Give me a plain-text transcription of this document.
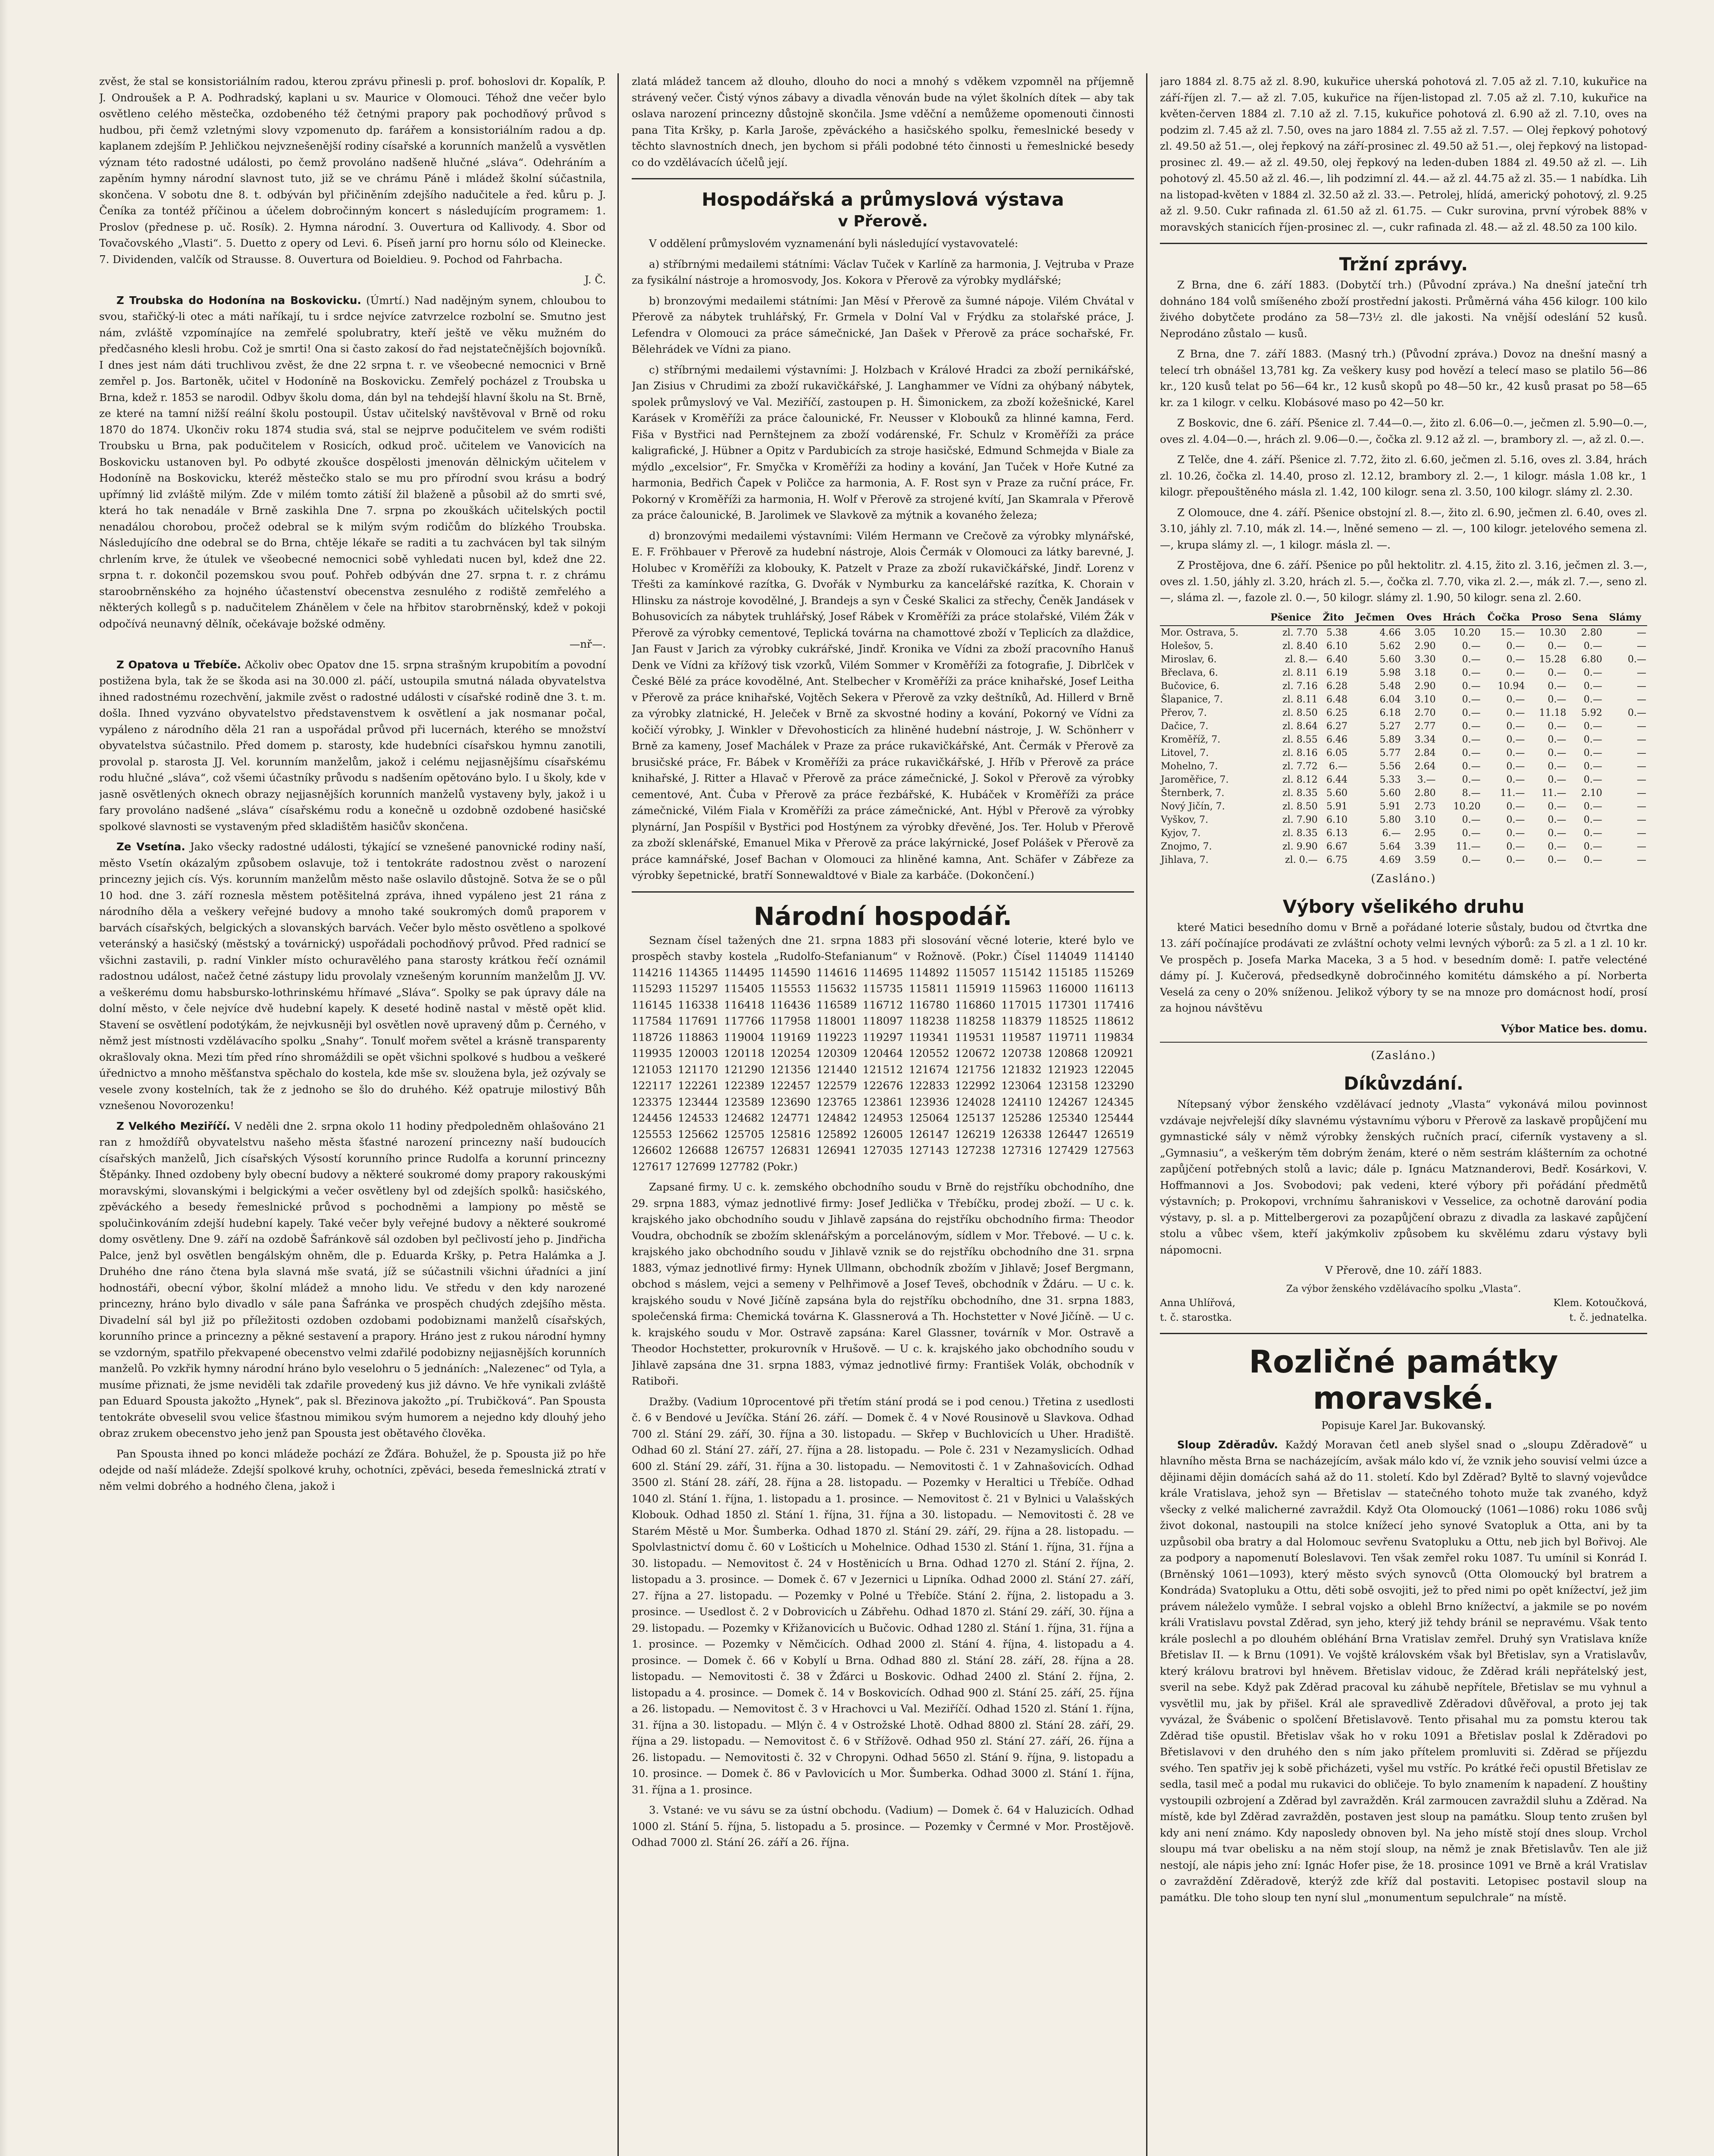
zvěst, že stal se konsistoriálním radou, kterou zprávu přinesli p. prof. bohoslovi dr. Kopalík, P. J. Ondroušek a P. A. Podhradský, kaplani u sv. Maurice v Olomouci. Téhož dne večer bylo osvětleno celého městečka, ozdobeného též četnými prapory pak pochodňový průvod s hudbou, při čemž vzletnými slovy vzpomenuto dp. farářem a konsistoriálním radou a dp. kaplanem zdejším P. Jehličkou nejvznešenější rodiny císařské a korunních manželů a vysvětlen význam této radostné události, po čemž provoláno nadšeně hlučné „sláva“. Odehráním a zapěním hymny národní slavnost tuto, již se ve chrámu Páně i mládež školní súčastnila, skončena. V sobotu dne 8. t. odbýván byl přičiněním zdejšího nadučitele a řed. kůru p. J. Čeníka za tontéž příčinou a účelem dobročinným koncert s následujícím programem: 1. Proslov (přednese p. uč. Rosík). 2. Hymna národní. 3. Ouvertura od Kallivody. 4. Sbor od Tovačovského „Vlasti“. 5. Duetto z opery od Levi. 6. Píseň jarní pro hornu sólo od Kleinecke. 7. Dividenden, valčík od Strausse. 8. Ouvertura od Boieldieu. 9. Pochod od Fahrbacha.

J. Č.

Z Troubska do Hodonína na Boskovicku. (Úmrtí.) Nad nadějným synem, chloubou to svou, stařičký-li otec a máti naříkají, tu i srdce nejvíce zatvrzelce rozbolní se. Smutno jest nám, zvláště vzpomínajíce na zemřelé spolubratry, kteří ještě ve věku mužném do předčasného klesli hrobu. Což je smrti! Ona si často zakosí do řad nejstatečnějších bojovníků. I dnes jest nám dáti truchlivou zvěst, že dne 22 srpna t. r. ve všeobecné nemocnici v Brně zemřel p. Jos. Bartoněk, učitel v Hodoníně na Boskovicku. Zemřelý pocházel z Troubska u Brna, kdež r. 1853 se narodil. Odbyv školu doma, dán byl na tehdejší hlavní školu na St. Brně, ze které na tamní nižší reální školu postoupil. Ústav učitelský navštěvoval v Brně od roku 1870 do 1874. Ukončiv roku 1874 studia svá, stal se nejprve podučitelem ve svém rodišti Troubsku u Brna, pak podučitelem v Rosicích, odkud proč. učitelem ve Vanovicích na Boskovicku ustanoven byl. Po odbyté zkoušce dospělosti jmenován dělnickým učitelem v Hodoníně na Boskovicku, kteréž městečko stalo se mu pro přírodní svou krásu a bodrý upřímný lid zvláště milým. Zde v milém tomto zátiší žil blaženě a působil až do smrti své, která ho tak nenadále v Brně zaskihla Dne 7. srpna po zkouškách učitelských poctil nenadálou chorobou, pročež odebral se k milým svým rodičům do blízkého Troubska. Následujícího dne odebral se do Brna, chtěje lékaře se raditi a tu zachvácen byl tak silným chrlením krve, že útulek ve všeobecné nemocnici sobě vyhledati nucen byl, kdež dne 22. srpna t. r. dokončil pozemskou svou pouť. Pohřeb odbýván dne 27. srpna t. r. z chrámu staroobrněnského za hojného účastenství obecenstva zesnulého z rodiště zemřelého a některých kollegů s p. nadučitelem Zhánělem v čele na hřbitov starobrněnský, kdež v pokoji odpočívá neunavný dělník, očekávaje božské odměny.

—nř—.

Z Opatova u Třebíče. Ačkoliv obec Opatov dne 15. srpna strašným krupobitím a povodní postižena byla, tak že se škoda asi na 30.000 zl. páčí, ustoupila smutná nálada obyvatelstva ihned radostnému rozechvění, jakmile zvěst o radostné události v císařské rodině dne 3. t. m. došla. Ihned vyzváno obyvatelstvo představenstvem k osvětlení a jak nosmanar počal, vypáleno z národního děla 21 ran a uspořádal průvod při lucernách, kterého se množství obyvatelstva súčastnilo. Před domem p. starosty, kde hudebníci císařskou hymnu zanotili, provolal p. starosta JJ. Vel. korunním manželům, jakož i celému nejjasnějšímu císařskému rodu hlučné „sláva“, což všemi účastníky průvodu s nadšením opětováno bylo. I u školy, kde v jasně osvětlených oknech obrazy nejjasnějších korunních manželů vystaveny byly, jakož i u fary provoláno nadšené „sláva“ císařskému rodu a konečně u ozdobně ozdobené hasičské spolkové slavnosti se vystaveným před skladištěm hasičův skončena.

Ze Vsetína. Jako všecky radostné události, týkající se vznešené panovnické rodiny naší, město Vsetín okázalým způsobem oslavuje, tož i tentokráte radostnou zvěst o narození princezny jejich cís. Výs. korunním manželům město naše oslavilo důstojně. Sotva že se o půl 10 hod. dne 3. září rozneslа městem potěšitelná zpráva, ihned vypáleno jest 21 rána z národního děla a veškery veřejné budovy a mnoho také soukromých domů praporem v barvách císařských, belgických a slovanských barvách. Večer bylo město osvětleno a spolkové veteránský a hasičský (městský a továrnický) uspořádali pochodňový průvod. Před radnicí se všichni zastavili, p. radní Vinkler místo ochuravělého pana starosty krátkou řečí oznámil radostnou událost, načež četné zástupy lidu provolaly vznešeným korunním manželům JJ. VV. a veškerému domu habsbursko-lothrinskému hřímavé „Sláva“. Spolky se pak úpravy dále na dolní město, v čele nejvíce dvě hudební kapely. K deseté hodině nastal v městě opět klid. Stavení se osvětlení podotýkám, že nejvkusněji byl osvětlen nově upravený dům p. Černého, v němž jest místnosti vzdělávacího spolku „Snahy“. Tonulť mořem světel a krásně transparenty okrašlovaly okna. Mezi tím před rínо shromáždili se opět všichni spolkové s hudbou a veškeré úřednictvo a mnoho měšťanstva spěchalo do kostela, kde mše sv. sloužena byla, jež ozývaly se vesele zvony kostelních, tak že z jednoho se šlo do druhého. Kéž opatruje milostivý Bůh vznešenou Novorozenku!

Z Velkého Meziříčí. V neděli dne 2. srpna okolo 11 hodiny předpoledněm ohlašováno 21 ran z hmoždířů obyvatelstvu našeho města šťastné narození princezny naší budoucích císařských manželů, Jich císařských Výsostí korunního prince Rudolfa a korunní princezny Štěpánky. Ihned ozdobeny byly obecní budovy a některé soukromé domy prapory rakouskými moravskými, slovanskými i belgickými a večer osvětleny byl od zdejších spolků: hasičského, zpěváckého a besedy řemeslnické průvod s pochodněmi a lampiony po městě se spolučinkováním zdejší hudební kapely. Také večer byly veřejné budovy a některé soukromé domy osvětleny. Dne 9. září na ozdobě Šafránkově sál ozdoben byl pečlivostí jeho p. Jindřicha Palce, jenž byl osvětlen bengálským ohněm, dle p. Eduarda Kršky, p. Petra Halámka a J. Druhého dne ráno čtena byla slavná mše svatá, jíž se súčastnili všichni úřadníci a jiní hodnostáři, obecní výbor, školní mládež a mnoho lidu. Ve středu v den kdy narozené princezny, hráno bylo divadlo v sále pana Šafránka ve prospěch chudých zdejšího města. Divadelní sál byl již po příležitosti ozdoben ozdobami podobiznami manželů císařských, korunního prince a princezny a pěkné sestavení a prapory. Hráno jest z rukou národní hymny se vzdorným, spatřilo překvapené obecenstvo velmi zdařilé podobizny nejjasnějších korunních manželů. Po vzkřik hymny národní hráno bylo veselohru o 5 jednáních: „Nalezenec“ od Tyla, a musíme přiznati, že jsme neviděli tak zdařile provedený kus již dávno. Ve hře vynikali zvláště pan Eduard Spousta jakožto „Hynek“, pak sl. Březinova jakožto „pí. Trubičková“. Pan Spousta tentokráte obveselil svou velice šťastnou mimikou svým humorem a nejedno kdy dlouhý jeho obraz zrukem obecenstvo jeho jenž pan Spousta jest obětavého člověka.

Pan Spousta ihned po konci mládeže pochází ze Žďára. Bohužel, že p. Spousta již po hře odejde od naší mládeže. Zdejší spolkové kruhy, ochotníci, zpěváci, beseda řemeslnická ztratí v něm velmi dobrého a hodného člena, jakož i

zlatá mládež tancem až dlouho, dlouho do noci a mnohý s vděkem vzpomněl na příjemně strávený večer. Čistý výnos zábavy a divadla věnován bude na výlet školních dítek — aby tak oslava narození princezny důstojně skončila. Jsme vděční a nemůžeme opomenouti činnosti pana Tita Kršky, p. Karla Jaroše, zpěváckého a hasičského spolku, řemeslnické besedy v těchto slavnostních dnech, jen bychom si přáli podobné této činnosti u řemeslnické besedy co do vzdělávacích účelů její.

Hospodářská a průmyslová výstava
v Přerově.

V oddělení průmyslovém vyznamenání byli následující vystavovatelé:

a) stříbrnými medailemi státními: Václav Tuček v Karlíně za harmonia, J. Vejtruba v Praze za fysikální nástroje a hromosvody, Jos. Kokora v Přerově za výrobky mydlářské;

b) bronzovými medailemi státními: Jan Měsí v Přerově za šumné nápoje. Vilém Chvátal v Přerově za nábytek truhlářský, Fr. Grmela v Dolní Val v Frýdku za stolařské práce, J. Lefendra v Olomouci za práce sámečnické, Jan Dašek v Přerově za práce sochařské, Fr. Bělehrádek ve Vídni za piano.

c) stříbrnými medailemi výstavními: J. Holzbach v Králové Hradci za zboží pernikářské, Jan Zisius v Chrudimi za zboží rukavičkářské, J. Langhammer ve Vídni za ohýbaný nábytek, spolek průmyslový ve Val. Meziříčí, zastoupen p. H. Šimonickem, za zboží kožešnické, Karel Karásek v Kroměříži za práce čalounické, Fr. Neusser v Klobouků za hlinné kamna, Ferd. Fiša v Bystřici nad Pernštejnem za zboží vodárenské, Fr. Schulz v Kroměříži za práce kaligrafické, J. Hübner a Opitz v Pardubicích za stroje hasičské, Edmund Schmejda v Biale za mýdlo „excelsior“, Fr. Smyčka v Kroměříži za hodiny a kování, Jan Tuček v Hoře Kutné za harmonia, Bedřich Čapek v Poličce za harmonia, A. F. Rost syn v Praze za ruční práce, Fr. Pokorný v Kroměříži za harmonia, H. Wolf v Přerově za strojené kvítí, Jan Skamrala v Přerově za práce čalounické, B. Jarolimek ve Slavkově za mýtnik a kovaného železa;

d) bronzovými medailemi výstavními: Vilém Hermann ve Crečově za výrobky mlynářské, E. F. Fröhbauer v Přerově za hudební nástroje, Alois Čermák v Olomouci za látky barevné, J. Holubec v Kroměříži za klobouky, K. Patzelt v Praze za zboží rukavičkářské, Jindř. Lorenz v Třešti za kamínkové razítka, G. Dvořák v Nymburku za kancelářské razítka, K. Chorain v Hlinsku za nástroje kovodělné, J. Brandejs a syn v České Skalici za střechy, Čeněk Jandásek v Bohusovicích za nábytek truhlářský, Josef Rábek v Kroměříži za práce stolařské, Vilém Žák v Přerově za výrobky cementové, Teplická továrna na chamottové zboží v Teplicích za dlaždice, Jan Faust v Jarich za výrobky cukrářské, Jindř. Kronika ve Vídni za zboží pracovního Hanuš Denk ve Vídni za křížový tisk vzorků, Vilém Sommer v Kroměříži za fotografie, J. Dibrlček v České Bělé za práce kovodělné, Ant. Stelbecher v Kroměříži za práce knihařské, Josef Leitha v Přerově za práce knihařské, Vojtěch Sekera v Přerově za vzky deštníků, Ad. Hillerd v Brně za výrobky zlatnické, H. Jeleček v Brně za skvostné hodiny a kování, Pokorný ve Vídni za kočičí výrobky, J. Winkler v Dřevohosticích za hliněné hudební nástroje, J. W. Schönherr v Brně za kameny, Josef Machálek v Praze za práce rukavičkářské, Ant. Čermák v Přerově za brusičské práce, Fr. Bábek v Kroměříži za práce rukavičkářské, J. Hříb v Přerově za práce knihařské, J. Ritter a Hlavač v Přerově za práce zámečnické, J. Sokol v Přerově za výrobky cementové, Ant. Čuba v Přerově za práce řezbářské, K. Hubáček v Kroměříži za práce zámečnické, Vilém Fiala v Kroměříži za práce zámečnické, Ant. Hýbl v Přerově za výrobky plynární, Jan Pospíšil v Bystřici pod Hostýnem za výrobky dřevěné, Jos. Ter. Holub v Přerově za zboží sklenářské, Emanuel Mika v Přerově za práce lakýrnické, Josef Polášek v Přerově za práce kamnářské, Josef Bachan v Olomouci za hliněné kamna, Ant. Schäfer v Zábřeze za výrobky šepetnické, bratří Sonnewaldtové v Biale za karbáče. (Dokončení.)

Národní hospodář.

Seznam čísel tažených dne 21. srpna 1883 při slosování věcné loterie, které bylo ve prospěch stavby kostela „Rudolfo-Stefanianum“ v Rožnově. (Pokr.) Čísel 114049 114140 114216 114365 114495 114590 114616 114695 114892 115057 115142 115185 115269 115293 115297 115405 115553 115632 115735 115811 115919 115963 116000 116113 116145 116338 116418 116436 116589 116712 116780 116860 117015 117301 117416 117584 117691 117766 117958 118001 118097 118238 118258 118379 118525 118612 118726 118863 119004 119169 119223 119297 119341 119531 119587 119711 119834 119935 120003 120118 120254 120309 120464 120552 120672 120738 120868 120921 121053 121170 121290 121356 121440 121512 121674 121756 121832 121923 122045 122117 122261 122389 122457 122579 122676 122833 122992 123064 123158 123290 123375 123444 123589 123690 123765 123861 123936 124028 124110 124267 124345 124456 124533 124682 124771 124842 124953 125064 125137 125286 125340 125444 125553 125662 125705 125816 125892 126005 126147 126219 126338 126447 126519 126602 126688 126757 126831 126941 127035 127143 127238 127316 127429 127563 127617 127699 127782 (Pokr.)

Zapsané firmy. U c. k. zemského obchodního soudu v Brně do rejstříku obchodního, dne 29. srpna 1883, výmaz jednotlivé firmy: Josef Jedlička v Třebíčku, prodej zboží. — U c. k. krajského jako obchodního soudu v Jihlavě zapsána do rejstříku obchodního firma: Theodor Voudra, obchodník se zbožím sklenářským a porcelánovým, sídlem v Mor. Třebové. — U c. k. krajského jako obchodního soudu v Jihlavě vznik se do rejstříku obchodního dne 31. srpna 1883, výmaz jednotlivé firmy: Hynek Ullmann, obchodník zbožím v Jihlavě; Josef Bergmann, obchod s máslem, vejci a semeny v Pelhřimově a Josef Teveš, obchodník v Ždáru. — U c. k. krajského soudu v Nové Jičíně zapsána byla do rejstříku obchodního, dne 31. srpna 1883, společenská firma: Chemická továrna K. Glassnerová a Th. Hochstetter v Nové Jičíně. — U c. k. krajského soudu v Mor. Ostravě zapsána: Karel Glassner, továrník v Mor. Ostravě a Theodor Hochstetter, prokurovník v Hrušově. — U c. k. krajského jako obchodního soudu v Jihlavě zapsána dne 31. srpna 1883, výmaz jednotlivé firmy: František Volák, obchodník v Ratiboři.

Dražby. (Vadium 10procentové při třetím stání prodá se i pod cenou.) Třetina z usedlosti č. 6 v Bendové u Jevíčka. Stání 26. září. — Domek č. 4 v Nové Rousinově u Slavkova. Odhad 700 zl. Stání 29. září, 30. října a 30. listopadu. — Skřep v Buchlovicích u Uher. Hradiště. Odhad 60 zl. Stání 27. září, 27. října a 28. listopadu. — Pole č. 231 v Nezamyslicích. Odhad 600 zl. Stání 29. září, 31. října a 30. listopadu. — Nemovitosti č. 1 v Zahnašovicích. Odhad 3500 zl. Stání 28. září, 28. října a 28. listopadu. — Pozemky v Heraltici u Třebíče. Odhad 1040 zl. Stání 1. října, 1. listopadu a 1. prosince. — Nemovitost č. 21 v Bylnici u Valašských Klobouk. Odhad 1850 zl. Stání 1. října, 31. října a 30. listopadu. — Nemovitosti č. 28 ve Starém Městě u Mor. Šumberka. Odhad 1870 zl. Stání 29. září, 29. října a 28. listopadu. — Spolvlastnictví domu č. 60 v Lošticích u Mohelnice. Odhad 1530 zl. Stání 1. října, 31. října a 30. listopadu. — Nemovitost č. 24 v Hostěnicích u Brna. Odhad 1270 zl. Stání 2. října, 2. listopadu a 3. prosince. — Domek č. 67 v Jezernici u Lipníka. Odhad 2000 zl. Stání 27. září, 27. října a 27. listopadu. — Pozemky v Polné u Třebíče. Stání 2. října, 2. listopadu a 3. prosince. — Usedlost č. 2 v Dobrovicích u Zábřehu. Odhad 1870 zl. Stání 29. září, 30. října a 29. listopadu. — Pozemky v Křižanovicích u Bučovic. Odhad 1280 zl. Stání 1. října, 31. října a 1. prosince. — Pozemky v Němčicích. Odhad 2000 zl. Stání 4. října, 4. listopadu a 4. prosince. — Domek č. 66 v Kobylí u Brna. Odhad 880 zl. Stání 28. září, 28. října a 28. listopadu. — Nemovitosti č. 38 v Žďárci u Boskovic. Odhad 2400 zl. Stání 2. října, 2. listopadu a 4. prosince. — Domek č. 14 v Boskovicích. Odhad 900 zl. Stání 25. září, 25. října a 26. listopadu. — Nemovitost č. 3 v Hrachovci u Val. Meziříčí. Odhad 1520 zl. Stání 1. října, 31. října a 30. listopadu. — Mlýn č. 4 v Ostrožské Lhotě. Odhad 8800 zl. Stání 28. září, 29. října a 29. listopadu. — Nemovitost č. 6 v Střížově. Odhad 950 zl. Stání 27. září, 26. října a 26. listopadu. — Nemovitosti č. 32 v Chropyni. Odhad 5650 zl. Stání 9. října, 9. listopadu a 10. prosince. — Domek č. 86 v Pavlovicích u Mor. Šumberka. Odhad 3000 zl. Stání 1. října, 31. října a 1. prosince.

3. Vstané: ve vu sávu se za ústní obchodu. (Vadium) — Domek č. 64 v Haluzicích. Odhad 1000 zl. Stání 5. října, 5. listopadu a 5. prosince. — Pozemky v Čermné v Mor. Prostějově. Odhad 7000 zl. Stání 26. září a 26. října.

jaro 1884 zl. 8.75 až zl. 8.90, kukuřice uherská pohotová zl. 7.05 až zl. 7.10, kukuřice na září-říjen zl. 7.— až zl. 7.05, kukuřice na říjen-listopad zl. 7.05 až zl. 7.10, kukuřice na květen-červen 1884 zl. 7.10 až zl. 7.15, kukuřice pohotová zl. 6.90 až zl. 7.10, oves na podzim zl. 7.45 až zl. 7.50, oves na jaro 1884 zl. 7.55 až zl. 7.57. — Olej řepkový pohotový zl. 49.50 až 51.—, olej řepkový na září-prosinec zl. 49.50 až 51.—, olej řepkový na listopad-prosinec zl. 49.— až zl. 49.50, olej řepkový na leden-duben 1884 zl. 49.50 až zl. —. Lih pohotový zl. 45.50 až zl. 46.—, lih podzimní zl. 44.— až zl. 44.75 až zl. 35.— 1 nabídka. Lih na listopad-květen v 1884 zl. 32.50 až zl. 33.—. Petrolej, hlídá, americký pohotový, zl. 9.25 až zl. 9.50. Cukr rafinada zl. 61.50 až zl. 61.75. — Cukr surovina, první výrobek 88% v moravských stanicích říjen-prosinec zl. —, cukr rafinada zl. 48.— až zl. 48.50 za 100 kilo.

Tržní zprávy.

Z Brna, dne 6. září 1883. (Dobytčí trh.) (Původní zpráva.) Na dnešní jateční trh dohnáno 184 volů smíšeného zboží prostřední jakosti. Průměrná váha 456 kilogr. 100 kilo živého dobytčete prodáno za 58—73½ zl. dle jakosti. Na vnější odeslání 52 kusů. Neprodáno zůstalo — kusů.

Z Brna, dne 7. září 1883. (Masný trh.) (Původní zpráva.) Dovoz na dnešní masný a telecí trh obnášel 13,781 kg. Za veškery kusy pod hovězí a telecí maso se platilo 56—86 kr., 120 kusů telat po 56—64 kr., 12 kusů skopů po 48—50 kr., 42 kusů prasat po 58—65 kr. za 1 kilogr. v celku. Klobásové maso po 42—50 kr.

Z Boskovic, dne 6. září. Pšenice zl. 7.44—0.—, žito zl. 6.06—0.—, ječmen zl. 5.90—0.—, oves zl. 4.04—0.—, hrách zl. 9.06—0.—, čočka zl. 9.12 až zl. —, brambory zl. —, až zl. 0.—.

Z Telče, dne 4. září. Pšenice zl. 7.72, žito zl. 6.60, ječmen zl. 5.16, oves zl. 3.84, hrách zl. 10.26, čočka zl. 14.40, proso zl. 12.12, brambory zl. 2.—, 1 kilogr. másla 1.08 kr., 1 kilogr. přepouštěného másla zl. 1.42, 100 kilogr. sena zl. 3.50, 100 kilogr. slámy zl. 2.30.

Z Olomouce, dne 4. září. Pšenice obstojní zl. 8.—, žito zl. 6.90, ječmen zl. 6.40, oves zl. 3.10, jáhly zl. 7.10, mák zl. 14.—, lněné semeno — zl. —, 100 kilogr. jetelového semena zl. —, krupa slámy zl. —, 1 kilogr. másla zl. —.

Z Prostějova, dne 6. září. Pšenice po půl hektolitr. zl. 4.15, žito zl. 3.16, ječmen zl. 3.—, oves zl. 1.50, jáhly zl. 3.20, hrách zl. 5.—, čočka zl. 7.70, vika zl. 2.—, mák zl. 7.—, seno zl. —, sláma zl. —, fazole zl. 0.—, 50 kilogr. slámy zl. 1.90, 50 kilogr. sena zl. 2.60.

	Pšenice	Žito	Ječmen	Oves	Hrách	Čočka	Proso	Sena	Slámy
Mor. Ostrava, 5.	zl. 7.70	5.38	4.66	3.05	10.20	15.—	10.30	2.80	—
Holešov, 5.	zl. 8.40	6.10	5.62	2.90	0.—	0.—	0.—	0.—	—
Miroslav, 6.	zl. 8.—	6.40	5.60	3.30	0.—	0.—	15.28	6.80	0.—
Břeclava, 6.	zl. 8.11	6.19	5.98	3.18	0.—	0.—	0.—	0.—	—
Bučovice, 6.	zl. 7.16	6.28	5.48	2.90	0.—	10.94	0.—	0.—	—
Šlapanice, 7.	zl. 8.11	6.48	6.04	3.10	0.—	0.—	0.—	0.—	—
Přerov, 7.	zl. 8.50	6.25	6.18	2.70	0.—	0.—	11.18	5.92	0.—
Dačice, 7.	zl. 8.64	6.27	5.27	2.77	0.—	0.—	0.—	0.—	—
Kroměříž, 7.	zl. 8.55	6.46	5.89	3.34	0.—	0.—	0.—	0.—	—
Litovel, 7.	zl. 8.16	6.05	5.77	2.84	0.—	0.—	0.—	0.—	—
Mohelno, 7.	zl. 7.72	6.—	5.56	2.64	0.—	0.—	0.—	0.—	—
Jaroměřice, 7.	zl. 8.12	6.44	5.33	3.—	0.—	0.—	0.—	0.—	—
Šternberk, 7.	zl. 8.35	5.60	5.60	2.80	8.—	11.—	11.—	2.10	—
Nový Jičín, 7.	zl. 8.50	5.91	5.91	2.73	10.20	0.—	0.—	0.—	—
Vyškov, 7.	zl. 7.90	6.10	5.80	3.10	0.—	0.—	0.—	0.—	—
Kyjov, 7.	zl. 8.35	6.13	6.—	2.95	0.—	0.—	0.—	0.—	—
Znojmo, 7.	zl. 9.90	6.67	5.64	3.39	11.—	0.—	0.—	0.—	—
Jihlava, 7.	zl. 0.—	6.75	4.69	3.59	0.—	0.—	0.—	0.—	—
(Zasláno.)
Výbory všelikého druhu

které Matici besedního domu v Brně a pořádané loterie sůstaly, budou od čtvrtka dne 13. září počínajíce prodávati ze zvláštní ochoty velmi levných výborů: za 5 zl. a 1 zl. 10 kr. Ve prospěch p. Josefa Marka Maceka, 3 a 5 hod. v besedním domě: I. patře velecténé dámy pí. J. Kučerová, předsedkyně dobročinného komitétu dámského a pí. Norberta Veselá za ceny o 20% sníženou. Jelikož výbory ty se na mnoze pro domácnost hodí, prosí za hojnou návštěvu

Výbor Matice bes. domu.

(Zasláno.)
Díkůvzdání.

Nítepsaný výbor ženského vzdělávací jednoty „Vlasta“ vykonává milou povinnost vzdávaje nejvřelejší díky slavnému výstavnímu výboru v Přerově za laskavě propůjčení mu gymnastické sály v němž výrobky ženských ručních prací, ciferník vystaveny a sl. „Gymnasiu“, a veškerým těm dobrým ženám, které o něm sestrám klášterním za ochotné zapůjčení potřebných stolů a lavic; dále p. Ignácu Matznanderovi, Bedř. Kosárkovi, V. Hoffmannovi a Jos. Svobodovi; pak vedeni, které výbory při pořádání předmětů výstavních; p. Prokopovi, vrchnímu šahraniskovi v Vesselice, za ochotně darování podia výstavy, p. sl. a p. Mittelbergerovi za pozapůjčení obrazu z divadla za laskavé zapůjčení stolu a vůbec všem, kteří jakýmkoliv způsobem ku skvělému zdaru výstavy byli nápomocni.

V Přerově, dne 10. září 1883.

Za výbor ženského vzdělávacího spolku „Vlasta“.
Anna Uhlířová,	Klem. Kotoučková,
t. č. starostka.	t. č. jednatelka.
Rozličné památky moravské.
Popisuje Karel Jar. Bukovanský.

Sloup Zděradův. Každý Moravan četl aneb slyšel snad o „sloupu Zděradově“ u hlavního města Brna se nacházejícím, avšak málo kdo ví, že vznik jeho souvisí velmi úzce a dějinami dějin domácích sahá až do 11. století. Kdo byl Zděrad? Byltě to slavný vojevůdce krále Vratislava, jehož syn — Břetislav — statečného tohoto muže tak zvaného, když všecky z velké malicherné zavraždil. Když Ota Olomoucký (1061—1086) roku 1086 svůj život dokonal, nastoupili na stolce knížecí jeho synové Svatopluk a Otta, ani by ta uzpůsobil oba bratry a dal Holomouc sevřenu Svatopluku a Ottu, neb jich byl Bořivoj. Ale za podpory a napomenutí Boleslavovi. Ten však zemřel roku 1087. Tu umínil si Konrád I. (Brněnský 1061—1093), který město svých synovců (Otta Olomoucký byl bratrem a Kondráda) Svatopluku a Ottu, děti sobě osvojiti, jež to před nimi po opět knížectví, jež jim právem náleželo vymůže. I sebral vojsko a oblehl Brno knížectví, a jakmile se po novém králi Vratislavu povstal Zděrad, syn jeho, který již tehdy bránil se nepravému. Však tento krále poslechl a po dlouhém obléhání Brna Vratislav zemřel. Druhý syn Vratislava kníže Břetislav II. — k Brnu (1091). Ve vojště královském však byl Břetislav, syn a Vratislavův, který královu bratrovi byl hněvem. Břetislav vidouc, že Zděrad králi nepřátelský jest, sveril na sebe. Když pak Zděrad pracoval ku záhubě nepřítele, Břetislav se mu vyhnul a vysvětlil mu, jak by přišel. Král ale spravedlivě Zděradovi důvěřoval, a proto jej tak vyvázal, že Švábeniс o spolčení Břetislavově. Tento přisahal mu za pomstu kterou tak Zděrad tiše opustil. Břetislav však ho v roku 1091 a Břetislav poslal k Zděradovi po Břetislavovi v den druhého den s ním jako přítelem promluviti si. Zděrad se příjezdu svého. Ten spatřiv jej k sobě přicházeti, vyšel mu vstříc. Po krátké řeči opustil Břetislav ze sedla, tasil meč a podal mu rukavici do obličeje. To bylo znamením k napadení. Z houštiny vystoupili ozbrojení a Zděrad byl zavražděn. Král zarmoucen zavraždil sluhu a Zděrad. Na místě, kde byl Zděrad zavražděn, postaven jest sloup na památku. Sloup tento zrušen byl kdy ani není známo. Kdy naposledy obnoven byl. Na jeho místě stojí dnes sloup. Vrchol sloupu má tvar obelisku a na něm stojí sloup, na němž je znak Břetislavův. Ten ale již nestojí, ale nápis jeho zní: Ignác Hofer pise, že 18. prosince 1091 ve Brně a král Vratislav o zavraždění Zděradově, kterýž zde kříž dal postaviti. Letopisec postavil sloup na památku. Dle toho sloup ten nyní slul „monumentum sepulchrale“ na místě.
